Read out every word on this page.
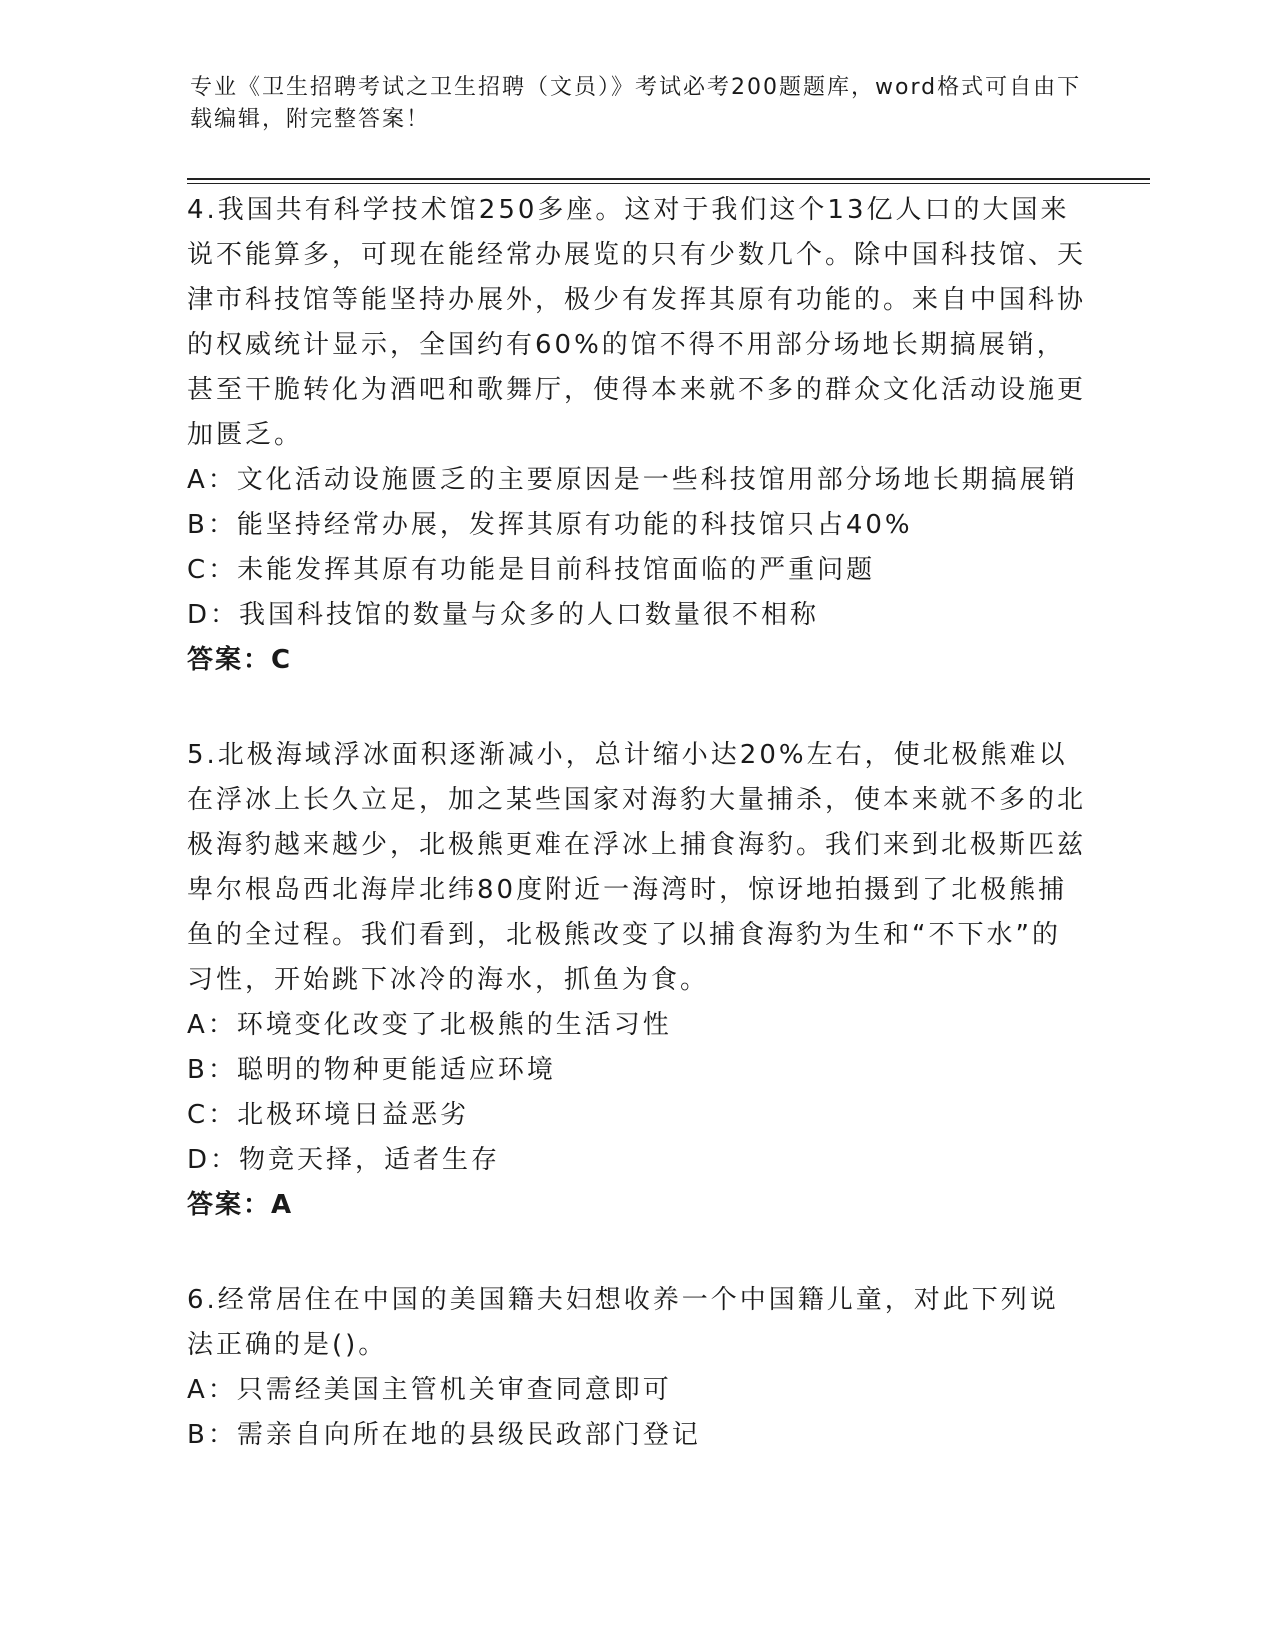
专业《卫生招聘考试之卫生招聘（文员）》考试必考200题题库，word格式可自由下载编辑，附完整答案！
4.我国共有科学技术馆250多座。这对于我们这个13亿人口的大国来说不能算多，可现在能经常办展览的只有少数几个。除中国科技馆、天津市科技馆等能坚持办展外，极少有发挥其原有功能的。来自中国科协的权威统计显示，全国约有60%的馆不得不用部分场地长期搞展销，甚至干脆转化为酒吧和歌舞厅，使得本来就不多的群众文化活动设施更加匮乏。
A：文化活动设施匮乏的主要原因是一些科技馆用部分场地长期搞展销
B：能坚持经常办展，发挥其原有功能的科技馆只占40%
C：未能发挥其原有功能是目前科技馆面临的严重问题
D：我国科技馆的数量与众多的人口数量很不相称
答案：C
5.北极海域浮冰面积逐渐减小，总计缩小达20%左右，使北极熊难以在浮冰上长久立足，加之某些国家对海豹大量捕杀，使本来就不多的北极海豹越来越少，北极熊更难在浮冰上捕食海豹。我们来到北极斯匹兹卑尔根岛西北海岸北纬80度附近一海湾时，惊讶地拍摄到了北极熊捕鱼的全过程。我们看到，北极熊改变了以捕食海豹为生和“不下水”的习性，开始跳下冰冷的海水，抓鱼为食。
A：环境变化改变了北极熊的生活习性
B：聪明的物种更能适应环境
C：北极环境日益恶劣
D：物竞天择，适者生存
答案：A
6.经常居住在中国的美国籍夫妇想收养一个中国籍儿童，对此下列说法正确的是()。
A：只需经美国主管机关审查同意即可
B：需亲自向所在地的县级民政部门登记
